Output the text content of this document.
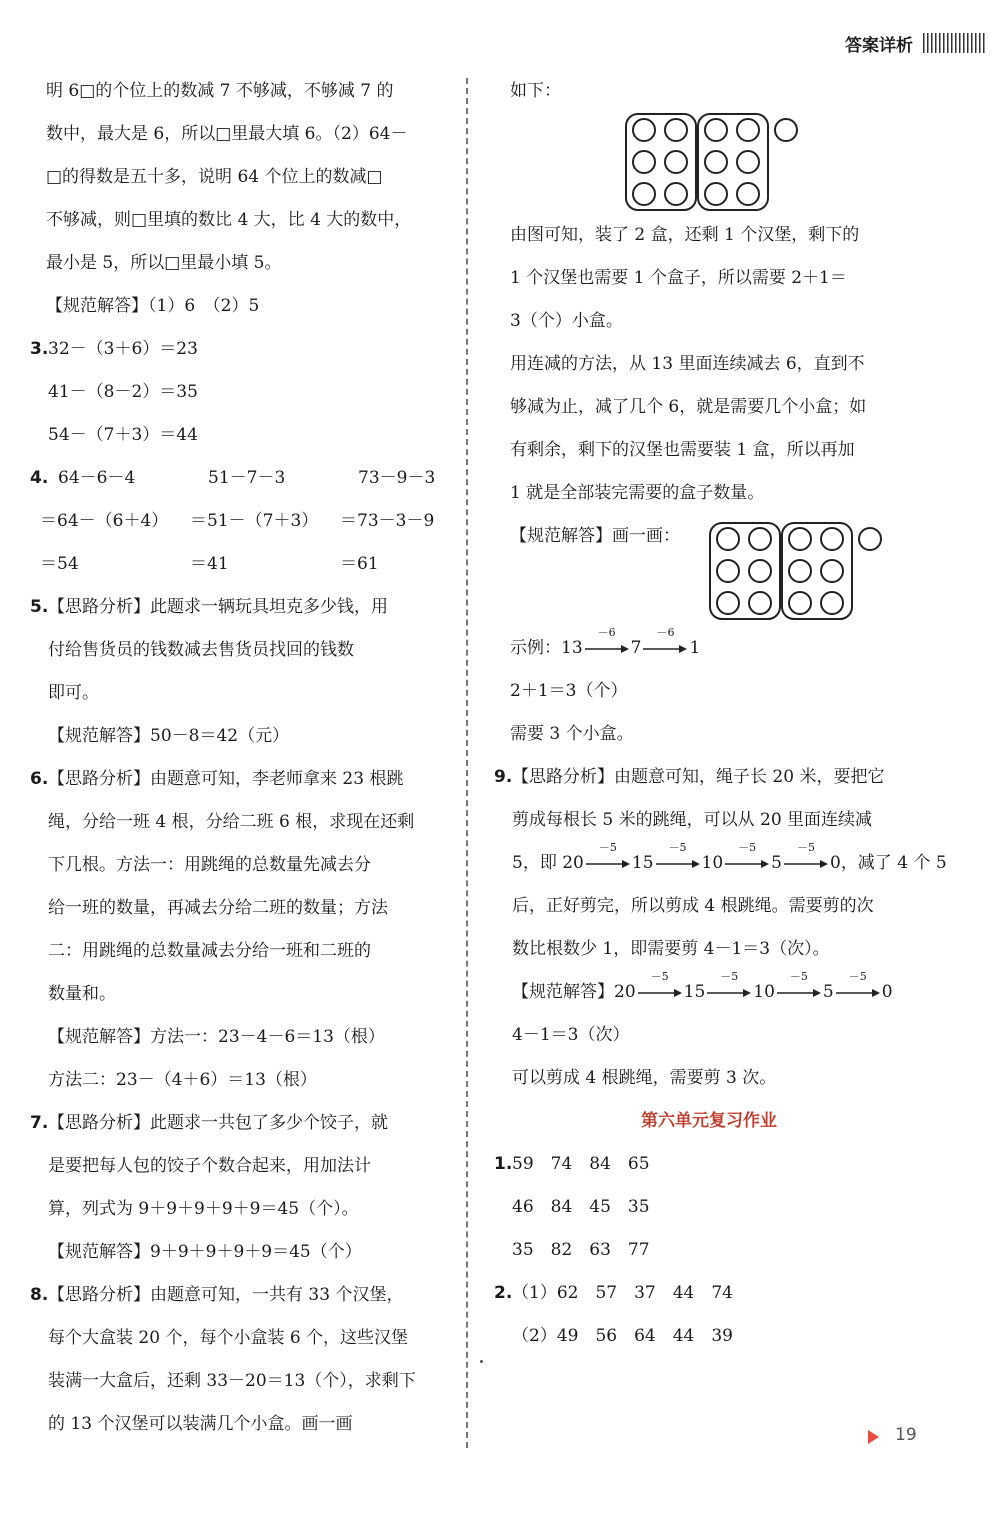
答案详析
明 6□的个位上的数减 7 不够减，不够减 7 的
数中，最大是 6，所以□里最大填 6。（2）64－
□的得数是五十多，说明 64 个位上的数减□
不够减，则□里填的数比 4 大，比 4 大的数中，
最小是 5，所以□里最小填 5。
【规范解答】（1）6　（2）5
3.32－（3＋6）＝23
41－（8－2）＝35
54－（7＋3）＝44
4. 64－6－4	51－7－3	73－9－3
＝64－（6＋4）	＝51－（7＋3）	＝73－3－9
＝54	＝41	＝61
5.【思路分析】此题求一辆玩具坦克多少钱，用
付给售货员的钱数减去售货员找回的钱数
即可。
【规范解答】50－8＝42（元）
6.【思路分析】由题意可知，李老师拿来 23 根跳
绳，分给一班 4 根，分给二班 6 根，求现在还剩
下几根。方法一：用跳绳的总数量先减去分
给一班的数量，再减去分给二班的数量；方法
二：用跳绳的总数量减去分给一班和二班的
数量和。
【规范解答】方法一：23－4－6＝13（根）
方法二：23－（4＋6）＝13（根）
7.【思路分析】此题求一共包了多少个饺子，就
是要把每人包的饺子个数合起来，用加法计
算，列式为 9＋9＋9＋9＋9＝45（个）。
【规范解答】9＋9＋9＋9＋9＝45（个）
8.【思路分析】由题意可知，一共有 33 个汉堡，
每个大盒装 20 个，每个小盒装 6 个，这些汉堡
装满一大盒后，还剩 33－20＝13（个），求剩下
的 13 个汉堡可以装满几个小盒。画一画
如下：
由图可知，装了 2 盒，还剩 1 个汉堡，剩下的
1 个汉堡也需要 1 个盒子，所以需要 2＋1＝
3（个）小盒。
用连减的方法，从 13 里面连续减去 6，直到不
够减为止，减了几个 6，就是需要几个小盒；如
有剩余，剩下的汉堡也需要装 1 盒，所以再加
1 就是全部装完需要的盒子数量。
【规范解答】画一画：
示例：13
－6
7
－6
1
2＋1＝3（个）
需要 3 个小盒。
9.【思路分析】由题意可知，绳子长 20 米，要把它
剪成每根长 5 米的跳绳，可以从 20 里面连续减
5，即 20
－5
15
－5
10
－5
5
－5
0，减了 4 个 5
后，正好剪完，所以剪成 4 根跳绳。需要剪的次
数比根数少 1，即需要剪 4－1＝3（次）。
【规范解答】20
－5
15
－5
10
－5
5
－5
0
4－1＝3（次）
可以剪成 4 根跳绳，需要剪 3 次。
第六单元复习作业
1.59　74　84　65
46　84　45　35
35　82　63　77
2.（1）62　57　37　44　74
（2）49　56　64　44　39
19
